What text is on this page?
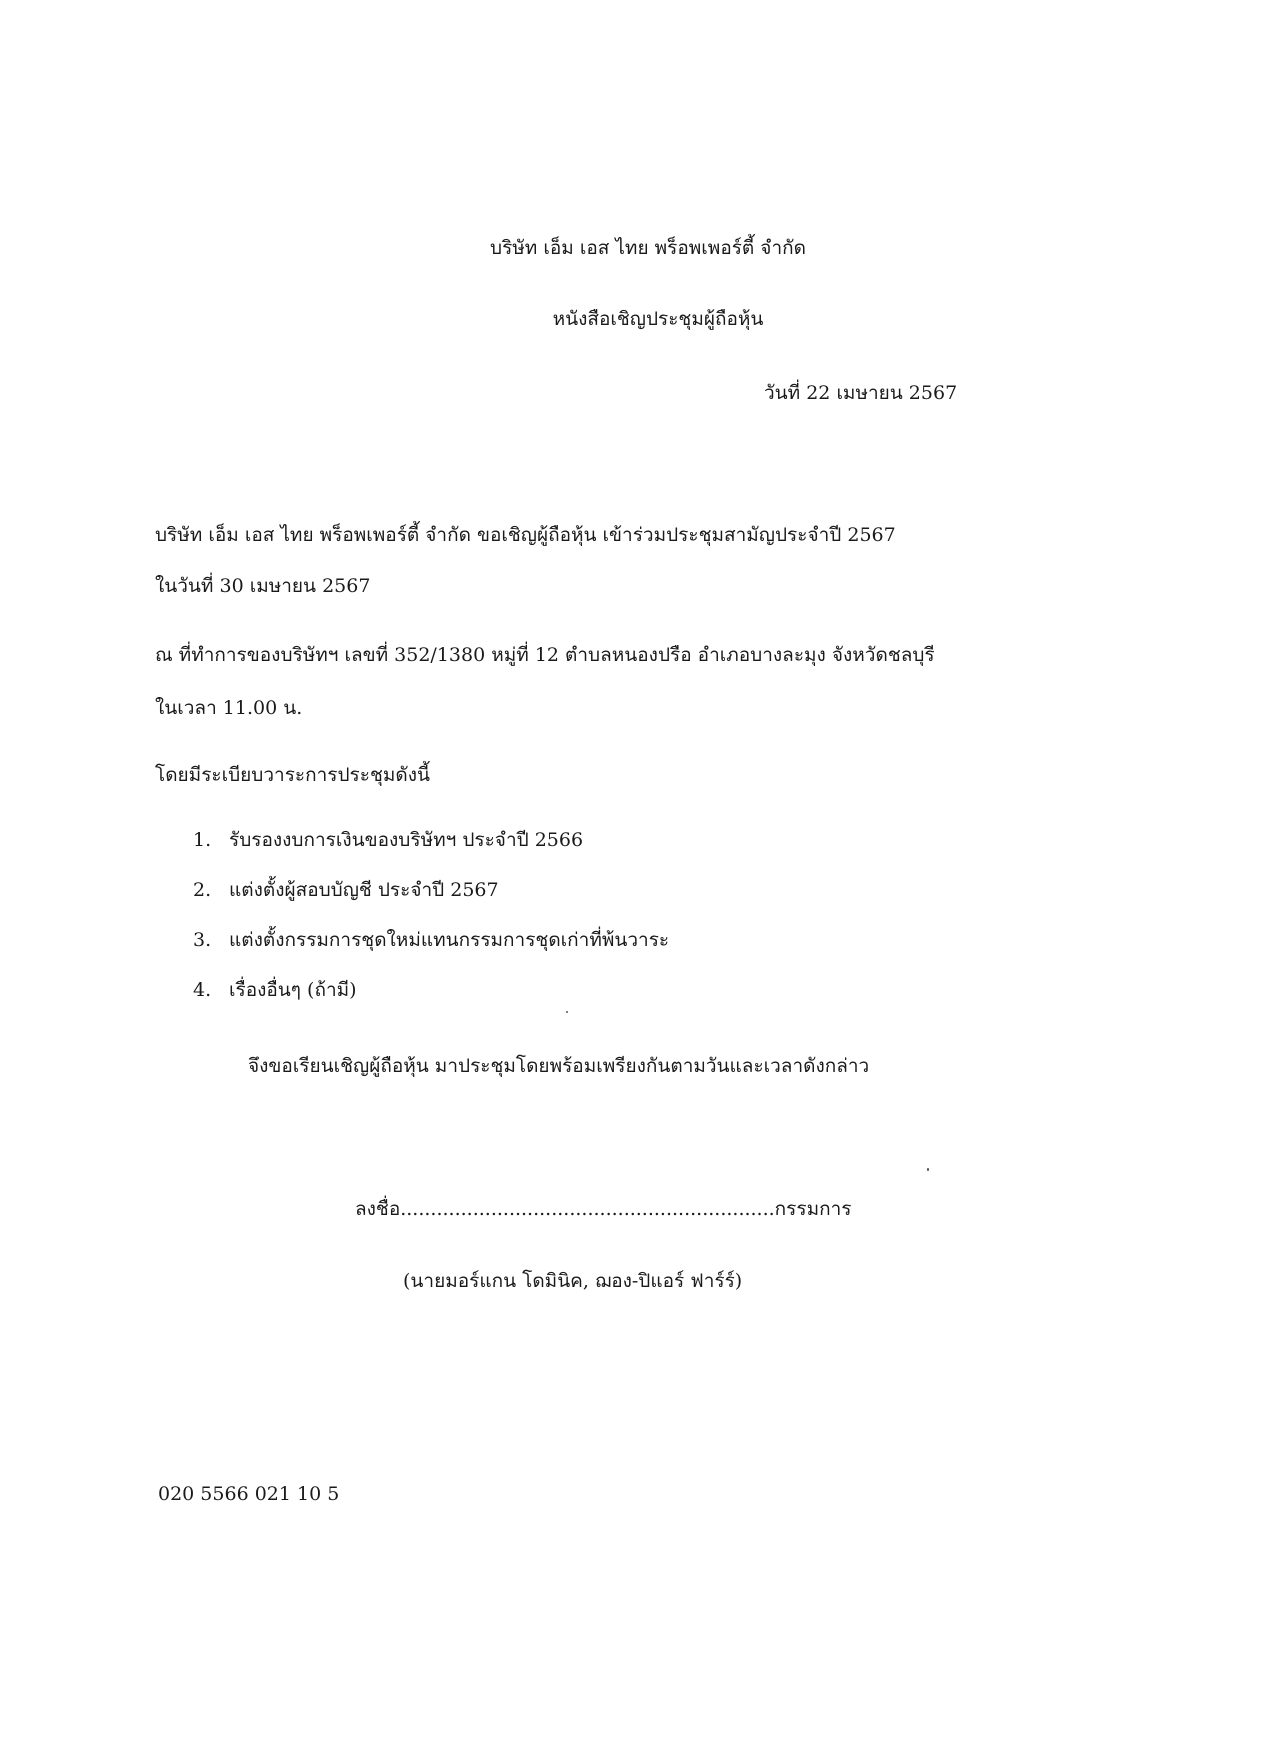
บริษัท เอ็ม เอส ไทย พร็อพเพอร์ตี้ จำกัด
หนังสือเชิญประชุมผู้ถือหุ้น
วันที่ 22 เมษายน 2567
บริษัท เอ็ม เอส ไทย พร็อพเพอร์ตี้ จำกัด ขอเชิญผู้ถือหุ้น เข้าร่วมประชุมสามัญประจำปี 2567
ในวันที่ 30 เมษายน 2567
ณ ที่ทำการของบริษัทฯ เลขที่ 352/1380 หมู่ที่ 12 ตำบลหนองปรือ อำเภอบางละมุง จังหวัดชลบุรี
ในเวลา 11.00 น.
โดยมีระเบียบวาระการประชุมดังนี้
1. รับรองงบการเงินของบริษัทฯ ประจำปี 2566
2. แต่งตั้งผู้สอบบัญชี ประจำปี 2567
3. แต่งตั้งกรรมการชุดใหม่แทนกรรมการชุดเก่าที่พ้นวาระ
4. เรื่องอื่นๆ (ถ้ามี)
จึงขอเรียนเชิญผู้ถือหุ้น มาประชุมโดยพร้อมเพรียงกันตามวันและเวลาดังกล่าว
ลงชื่อ..............................................................กรรมการ
(นายมอร์แกน โดมินิค, ฌอง-ปิแอร์ ฟาร์ร์)
020 5566 021 10 5
